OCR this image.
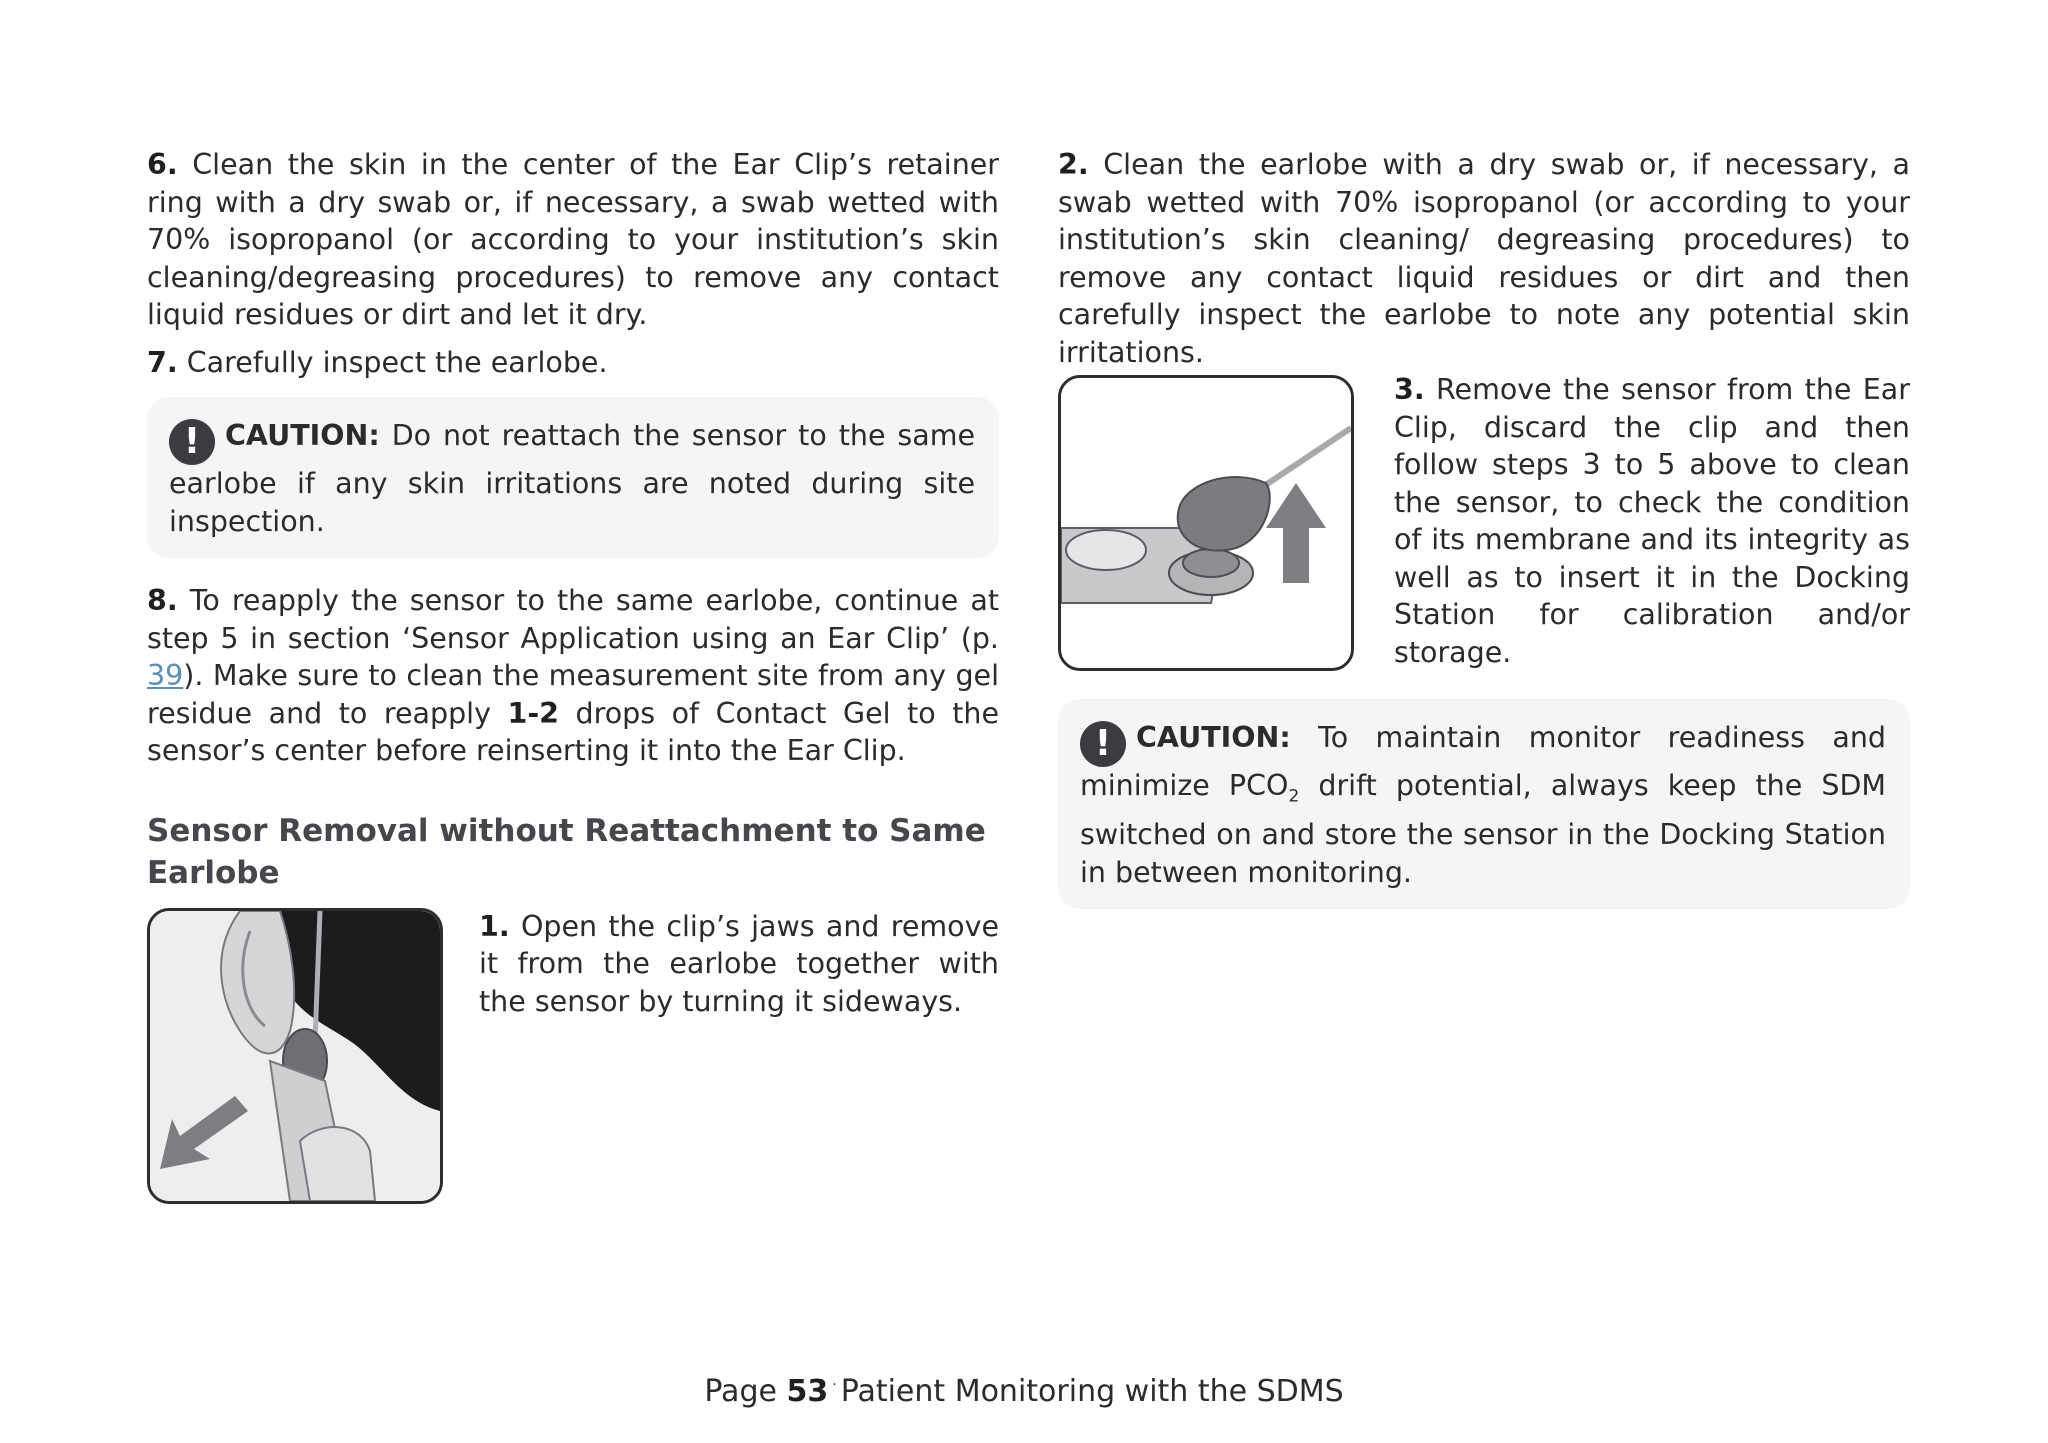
6. Clean the skin in the center of the Ear Clip’s retainer ring with a dry swab or, if necessary, a swab wetted with 70% isopropanol (or according to your institution’s skin cleaning/degreasing procedures) to remove any contact liquid residues or dirt and let it dry.

7. Carefully inspect the earlobe.

! CAUTION: Do not reattach the sensor to the same earlobe if any skin irritations are noted during site inspection.

8. To reapply the sensor to the same earlobe, continue at step 5 in section ‘Sensor Application using an Ear Clip’ (p. 39). Make sure to clean the measurement site from any gel residue and to reapply 1-2 drops of Contact Gel to the sensor’s center before reinserting it into the Ear Clip.

Sensor Removal without Reattachment to Same Earlobe

1. Open the clip’s jaws and remove it from the earlobe together with the sensor by turning it sideways.

2. Clean the earlobe with a dry swab or, if necessary, a swab wetted with 70% isopropanol (or according to your institution’s skin cleaning/ degreasing procedures) to remove any contact liquid residues or dirt and then carefully inspect the earlobe to note any potential skin irritations.

3. Remove the sensor from the Ear Clip, discard the clip and then follow steps 3 to 5 above to clean the sensor, to check the condition of its membrane and its integrity as well as to insert it in the Docking Station for calibration and/or storage.

! CAUTION: To maintain monitor readiness and minimize $PCO_2$ drift potential, always keep the SDM switched on and store the sensor in the Docking Station in between monitoring.

Page 53 · Patient Monitoring with the SDMS
